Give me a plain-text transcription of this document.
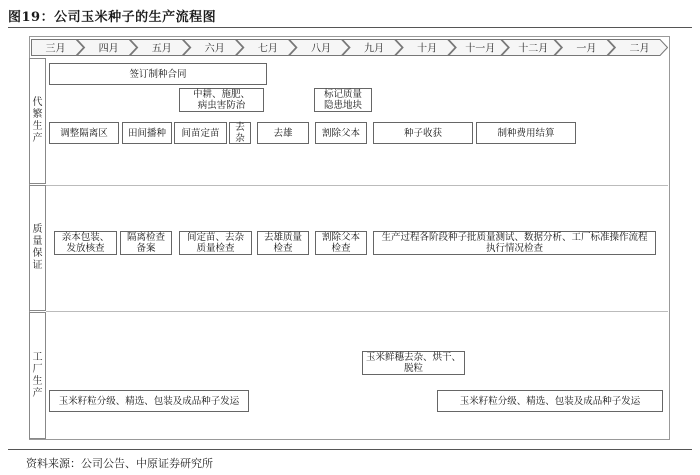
图19：公司玉米种子的生产流程图
三月	四月	五月	六月	七月	八月	九月	十月	十一月 十二月	一月	二月
代
繁
生
产
质
量
保
证
工
厂
生
产
签订制种合同
中耕、施肥、
病虫害防治
标记质量
隐患地块
调整隔离区	田间播种	间苗定苗	去
杂	去雄	割除父本	种子收获	制种费用结算
亲本包装、
发放核查
隔离检查
备案
间定苗、去杂
质量检查
去雄质量
检查
割除父本
检查
生产过程各阶段种子批质量测试、数据分析、工厂标准操作流程
执行情况检查
玉米鲜穗去杂、烘干、
脱粒
玉米籽粒分级、精选、包装及成品种子发运	玉米籽粒分级、精选、包装及成品种子发运
资料来源：公司公告、中原证券研究所
